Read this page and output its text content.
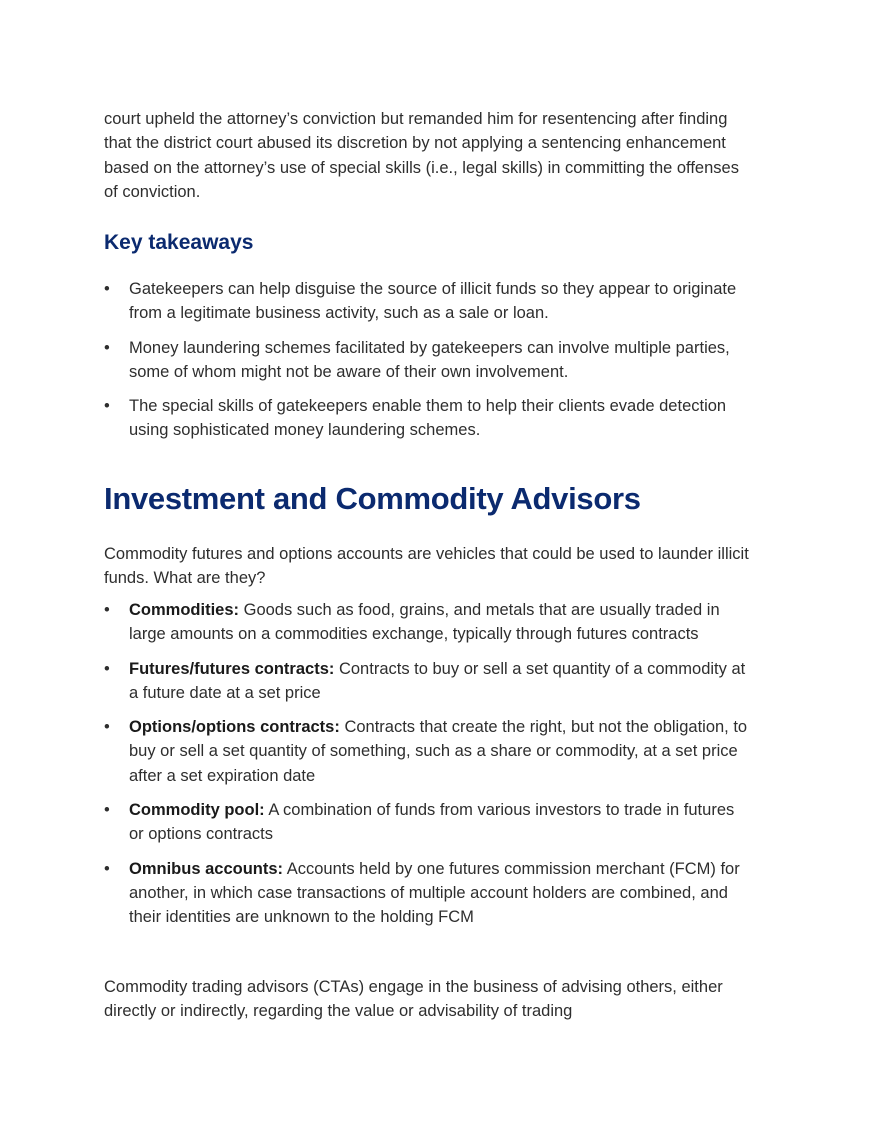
court upheld the attorney’s conviction but remanded him for resentencing after finding that the district court abused its discretion by not applying a sentencing enhancement based on the attorney’s use of special skills (i.e., legal skills) in committing the offenses of conviction.

Key takeaways
• Gatekeepers can help disguise the source of illicit funds so they appear to originate from a legitimate business activity, such as a sale or loan.
• Money laundering schemes facilitated by gatekeepers can involve multiple parties, some of whom might not be aware of their own involvement.
• The special skills of gatekeepers enable them to help their clients evade detection using sophisticated money laundering schemes.
Investment and Commodity Advisors

Commodity futures and options accounts are vehicles that could be used to launder illicit funds. What are they?

• Commodities: Goods such as food, grains, and metals that are usually traded in large amounts on a commodities exchange, typically through futures contracts
• Futures/futures contracts: Contracts to buy or sell a set quantity of a commodity at a future date at a set price
• Options/options contracts: Contracts that create the right, but not the obligation, to buy or sell a set quantity of something, such as a share or commodity, at a set price after a set expiration date
• Commodity pool: A combination of funds from various investors to trade in futures or options contracts
• Omnibus accounts: Accounts held by one futures commission merchant (FCM) for another, in which case transactions of multiple account holders are combined, and their identities are unknown to the holding FCM

Commodity trading advisors (CTAs) engage in the business of advising others, either directly or indirectly, regarding the value or advisability of trading
